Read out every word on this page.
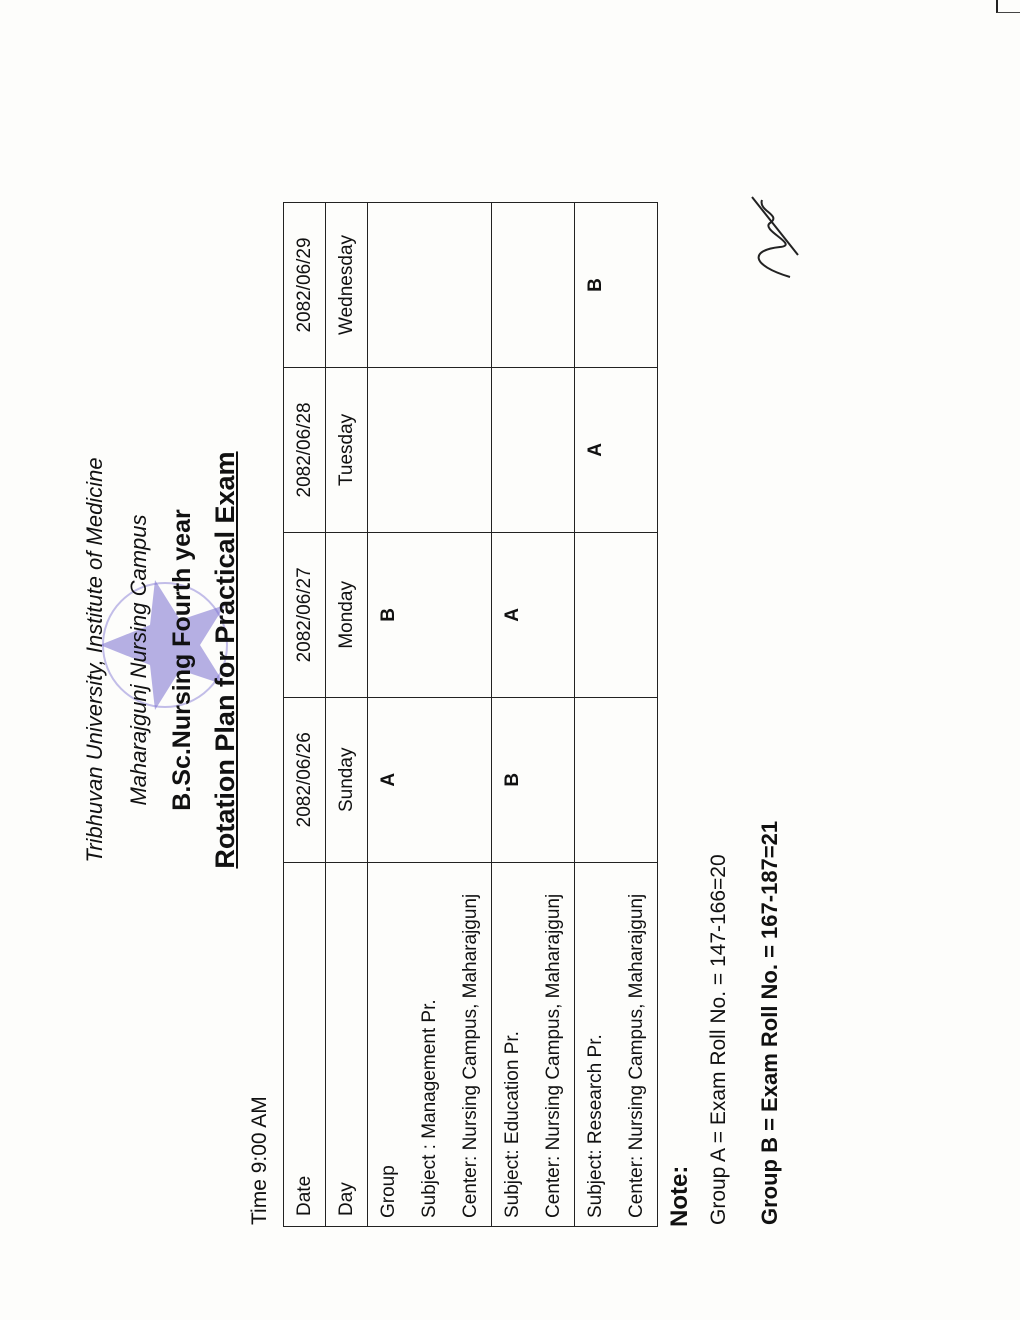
Tribhuvan University, Institute of Medicine Maharajgunj Nursing Campus B.Sc.Nursing Fourth year Rotation Plan for Practical Exam
Time 9:00 AM Date	2082/06/26	2082/06/27	2082/06/28	2082/06/29
Day	Sunday	Monday	Tuesday	Wednesday

Group Subject : Management Pr. Center: Nursing Campus, Maharajgunj	A	B		

Subject: Education Pr. Center: Nursing Campus, Maharajgunj	B	A		

Subject: Research Pr. Center: Nursing Campus, Maharajgunj			A	B
Note: Group A = Exam Roll No. = 147-166=20 Group B = Exam Roll No. = 167-187=21
